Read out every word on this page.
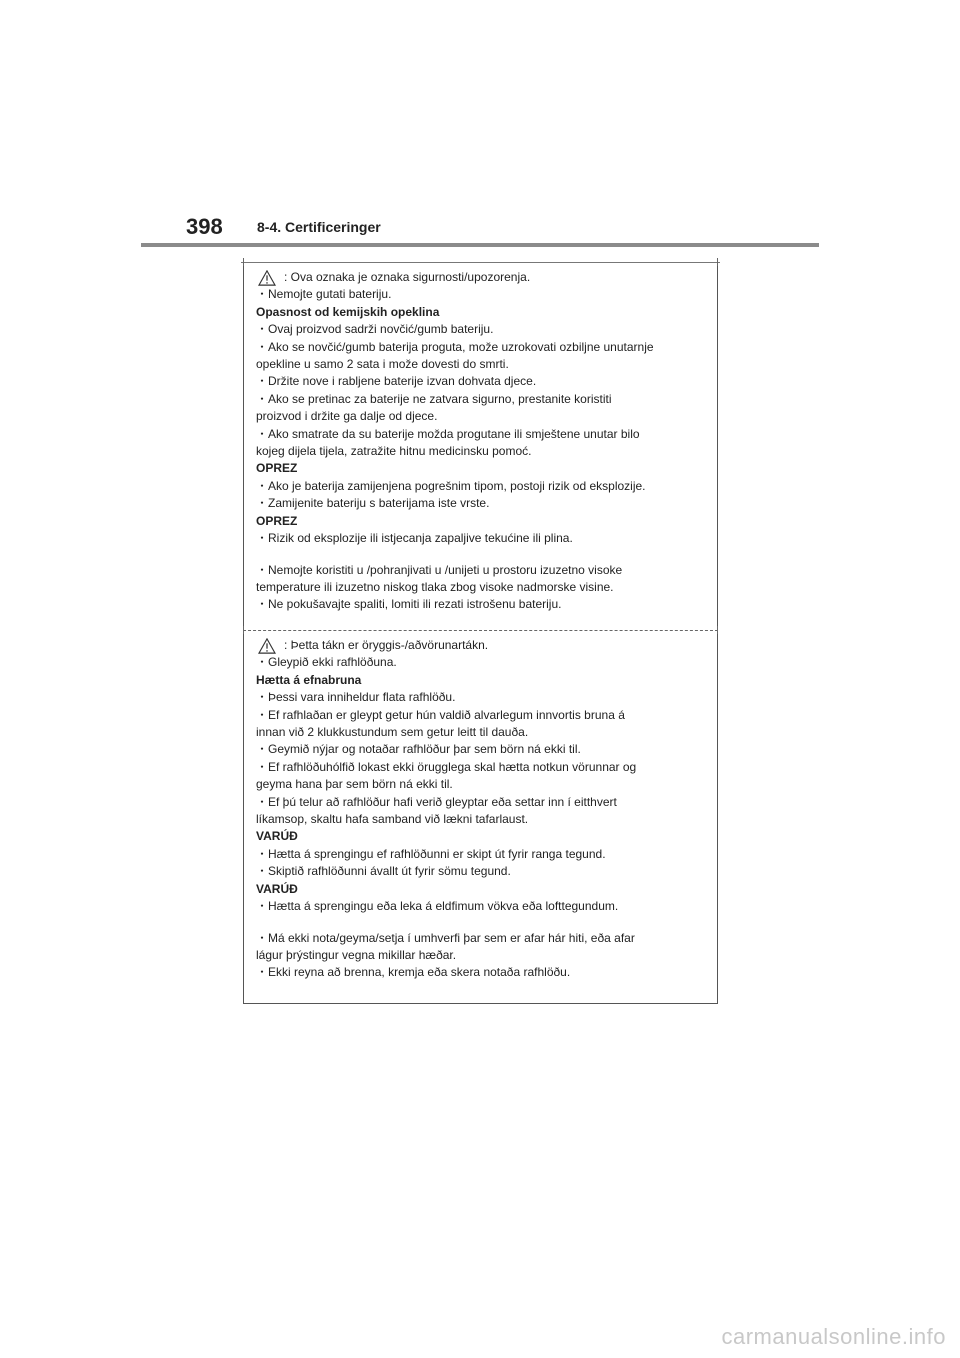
398 8-4. Certificeringer
: Ova oznaka je oznaka sigurnosti/upozorenja.
・Nemojte gutati bateriju.
Opasnost od kemijskih opeklina
・Ovaj proizvod sadrži novčić/gumb bateriju.
・Ako se novčić/gumb baterija proguta, može uzrokovati ozbiljne unutarnje
opekline u samo 2 sata i može dovesti do smrti.
・Držite nove i rabljene baterije izvan dohvata djece.
・Ako se pretinac za baterije ne zatvara sigurno, prestanite koristiti
proizvod i držite ga dalje od djece.
・Ako smatrate da su baterije možda progutane ili smještene unutar bilo
kojeg dijela tijela, zatražite hitnu medicinsku pomoć.
OPREZ
・Ako je baterija zamijenjena pogrešnim tipom, postoji rizik od eksplozije.
・Zamijenite bateriju s baterijama iste vrste.
OPREZ
・Rizik od eksplozije ili istjecanja zapaljive tekućine ili plina.
・Nemojte koristiti u /pohranjivati u /unijeti u prostoru izuzetno visoke
temperature ili izuzetno niskog tlaka zbog visoke nadmorske visine.
・Ne pokušavajte spaliti, lomiti ili rezati istrošenu bateriju.
: Þetta tákn er öryggis-/aðvörunartákn.
・Gleypið ekki rafhlöðuna.
Hætta á efnabruna
・Þessi vara inniheldur flata rafhlöðu.
・Ef rafhlaðan er gleypt getur hún valdið alvarlegum innvortis bruna á
innan við 2 klukkustundum sem getur leitt til dauða.
・Geymið nýjar og notaðar rafhlöður þar sem börn ná ekki til.
・Ef rafhlöðuhólfið lokast ekki örugglega skal hætta notkun vörunnar og
geyma hana þar sem börn ná ekki til.
・Ef þú telur að rafhlöður hafi verið gleyptar eða settar inn í eitthvert
líkamsop, skaltu hafa samband við lækni tafarlaust.
VARÚÐ
・Hætta á sprengingu ef rafhlöðunni er skipt út fyrir ranga tegund.
・Skiptið rafhlöðunni ávallt út fyrir sömu tegund.
VARÚÐ
・Hætta á sprengingu eða leka á eldfimum vökva eða lofttegundum.
・Má ekki nota/geyma/setja í umhverfi þar sem er afar hár hiti, eða afar
lágur þrýstingur vegna mikillar hæðar.
・Ekki reyna að brenna, kremja eða skera notaða rafhlöðu.
carmanualsonline.info
